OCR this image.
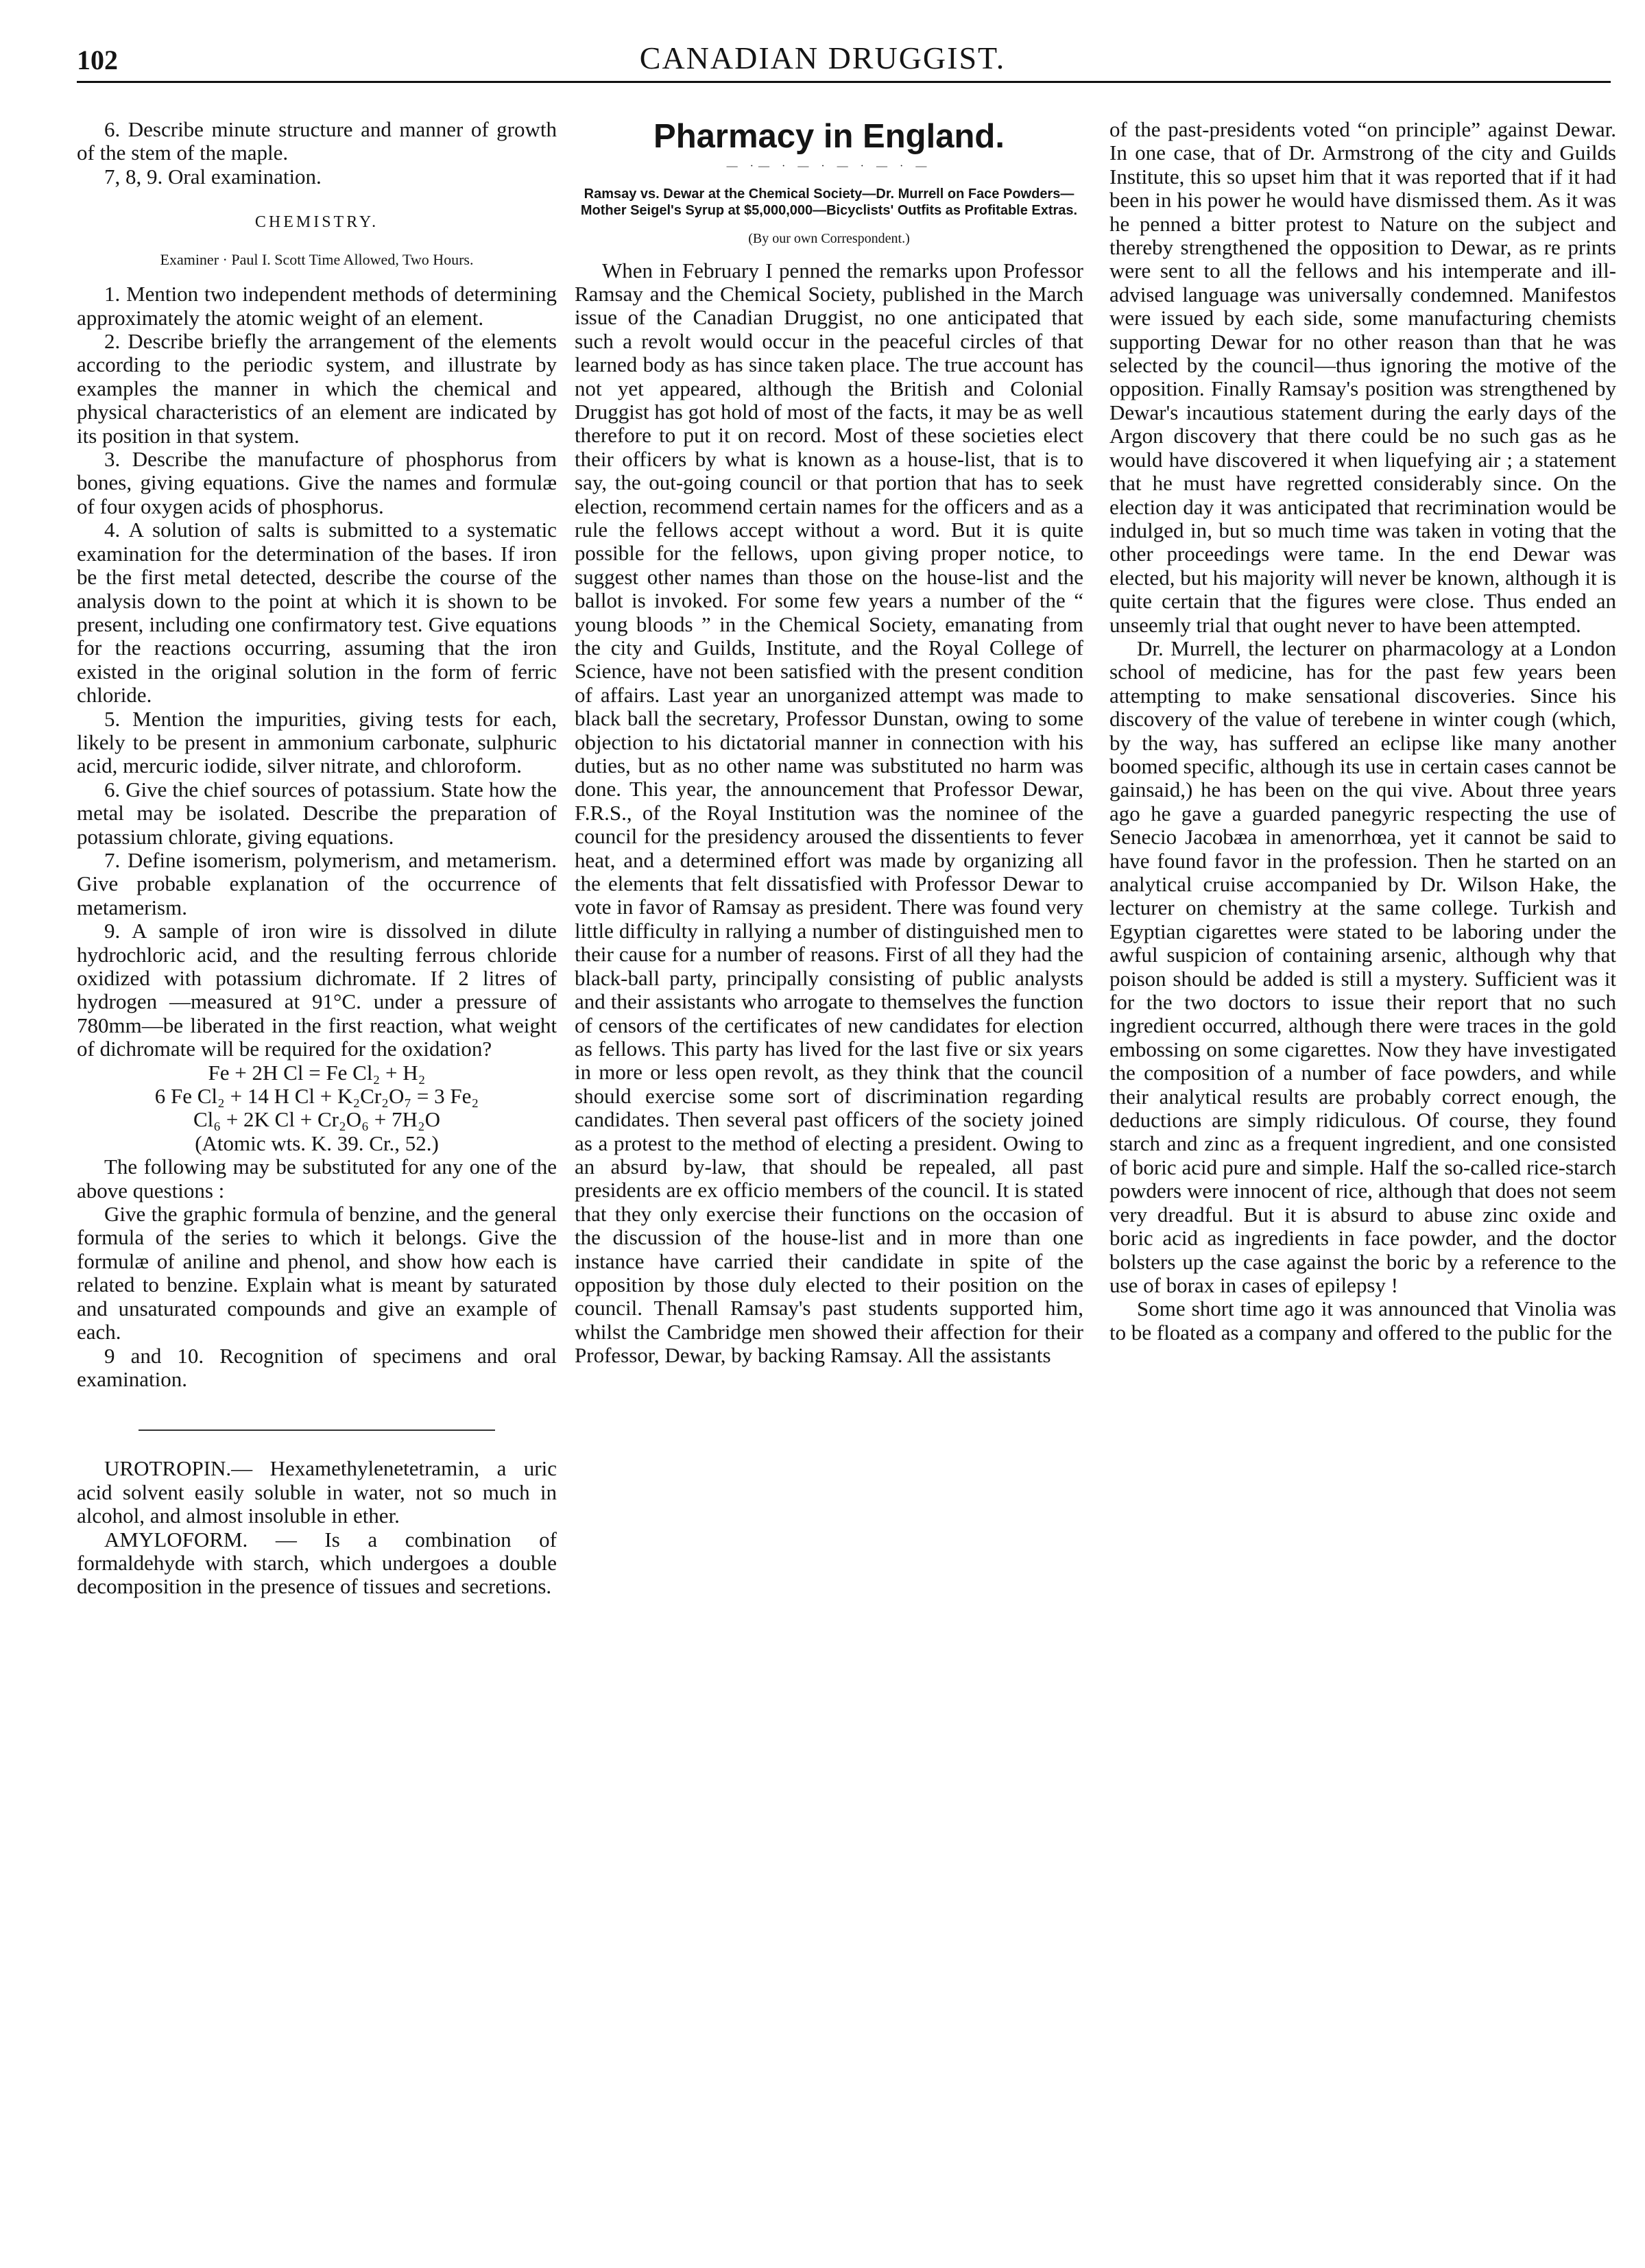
102	CANADIAN DRUGGIST.

6. Describe minute structure and manner of growth of the stem of the maple.

7, 8, 9. Oral examination.

CHEMISTRY.
Examiner · Paul I. Scott Time Allowed, Two Hours.

1. Mention two independent methods of determining approximately the atomic weight of an element.

2. Describe briefly the arrangement of the elements according to the periodic system, and illustrate by examples the manner in which the chemical and physical characteristics of an element are indicated by its position in that system.

3. Describe the manufacture of phosphorus from bones, giving equations. Give the names and formulæ of four oxygen acids of phosphorus.

4. A solution of salts is submitted to a systematic examination for the determination of the bases. If iron be the first metal detected, describe the course of the analysis down to the point at which it is shown to be present, including one confirmatory test. Give equations for the reactions occurring, assuming that the iron existed in the original solution in the form of ferric chloride.

5. Mention the impurities, giving tests for each, likely to be present in ammonium carbonate, sulphuric acid, mercuric iodide, silver nitrate, and chloroform.

6. Give the chief sources of potassium. State how the metal may be isolated. Describe the preparation of potassium chlorate, giving equations.

7. Define isomerism, polymerism, and metamerism. Give probable explanation of the occurrence of metamerism.

9. A sample of iron wire is dissolved in dilute hydrochloric acid, and the resulting ferrous chloride oxidized with potassium dichromate. If 2 litres of hydrogen —measured at 91°C. under a pressure of 780mm—be liberated in the first reaction, what weight of dichromate will be required for the oxidation?

Fe + 2H Cl = Fe Cl₂ + H₂
6 Fe Cl₂ + 14 H Cl + K₂Cr₂O₇ = 3 Fe₂
Cl₆ + 2K Cl + Cr₂O₆ + 7H₂O
(Atomic wts. K. 39. Cr., 52.)

The following may be substituted for any one of the above questions :

Give the graphic formula of benzine, and the general formula of the series to which it belongs. Give the formulæ of aniline and phenol, and show how each is related to benzine. Explain what is meant by saturated and unsaturated compounds and give an example of each.

9 and 10. Recognition of specimens and oral examination.

UROTROPIN.— Hexamethylenetetramin, a uric acid solvent easily soluble in water, not so much in alcohol, and almost insoluble in ether.

AMYLOFORM. — Is a combination of formaldehyde with starch, which undergoes a double decomposition in the presence of tissues and secretions.

Pharmacy in England.
— ·— · — · — · — · —
Ramsay vs. Dewar at the Chemical Society—Dr. Murrell on Face Powders—Mother Seigel's Syrup at $5,000,000—Bicyclists' Outfits as Profitable Extras.
(By our own Correspondent.)

When in February I penned the remarks upon Professor Ramsay and the Chemical Society, published in the March issue of the Canadian Druggist, no one anticipated that such a revolt would occur in the peaceful circles of that learned body as has since taken place. The true account has not yet appeared, although the British and Colonial Druggist has got hold of most of the facts, it may be as well therefore to put it on record. Most of these societies elect their officers by what is known as a house-list, that is to say, the out-going council or that portion that has to seek election, recommend certain names for the officers and as a rule the fellows accept without a word. But it is quite possible for the fellows, upon giving proper notice, to suggest other names than those on the house-list and the ballot is invoked. For some few years a number of the “ young bloods ” in the Chemical Society, emanating from the city and Guilds, Institute, and the Royal College of Science, have not been satisfied with the present condition of affairs. Last year an unorganized attempt was made to black ball the secretary, Professor Dunstan, owing to some objection to his dictatorial manner in connection with his duties, but as no other name was substituted no harm was done. This year, the announcement that Professor Dewar, F.R.S., of the Royal Institution was the nominee of the council for the presidency aroused the dissentients to fever heat, and a determined effort was made by organizing all the elements that felt dissatisfied with Professor Dewar to vote in favor of Ramsay as president. There was found very little difficulty in rallying a number of distinguished men to their cause for a number of reasons. First of all they had the black-ball party, principally consisting of public analysts and their assistants who arrogate to themselves the function of censors of the certificates of new candidates for election as fellows. This party has lived for the last five or six years in more or less open revolt, as they think that the council should exercise some sort of discrimination regarding candidates. Then several past officers of the society joined as a protest to the method of electing a president. Owing to an absurd by-law, that should be repealed, all past presidents are ex officio members of the council. It is stated that they only exercise their functions on the occasion of the discussion of the house-list and in more than one instance have carried their candidate in spite of the opposition by those duly elected to their position on the council. Thenall Ramsay's past students supported him, whilst the Cambridge men showed their affection for their Professor, Dewar, by backing Ramsay. All the assistants

of the past-presidents voted “on principle” against Dewar. In one case, that of Dr. Armstrong of the city and Guilds Institute, this so upset him that it was reported that if it had been in his power he would have dismissed them. As it was he penned a bitter protest to Nature on the subject and thereby strengthened the opposition to Dewar, as re prints were sent to all the fellows and his intemperate and ill-advised language was universally condemned. Manifestos were issued by each side, some manufacturing chemists supporting Dewar for no other reason than that he was selected by the council—thus ignoring the motive of the opposition. Finally Ramsay's position was strengthened by Dewar's incautious statement during the early days of the Argon discovery that there could be no such gas as he would have discovered it when liquefying air ; a statement that he must have regretted considerably since. On the election day it was anticipated that recrimination would be indulged in, but so much time was taken in voting that the other proceedings were tame. In the end Dewar was elected, but his majority will never be known, although it is quite certain that the figures were close. Thus ended an unseemly trial that ought never to have been attempted.

Dr. Murrell, the lecturer on pharmacology at a London school of medicine, has for the past few years been attempting to make sensational discoveries. Since his discovery of the value of terebene in winter cough (which, by the way, has suffered an eclipse like many another boomed specific, although its use in certain cases cannot be gainsaid,) he has been on the qui vive. About three years ago he gave a guarded panegyric respecting the use of Senecio Jacobæa in amenorrhœa, yet it cannot be said to have found favor in the profession. Then he started on an analytical cruise accompanied by Dr. Wilson Hake, the lecturer on chemistry at the same college. Turkish and Egyptian cigarettes were stated to be laboring under the awful suspicion of containing arsenic, although why that poison should be added is still a mystery. Sufficient was it for the two doctors to issue their report that no such ingredient occurred, although there were traces in the gold embossing on some cigarettes. Now they have investigated the composition of a number of face powders, and while their analytical results are probably correct enough, the deductions are simply ridiculous. Of course, they found starch and zinc as a frequent ingredient, and one consisted of boric acid pure and simple. Half the so-called rice-starch powders were innocent of rice, although that does not seem very dreadful. But it is absurd to abuse zinc oxide and boric acid as ingredients in face powder, and the doctor bolsters up the case against the boric by a reference to the use of borax in cases of epilepsy !

Some short time ago it was announced that Vinolia was to be floated as a company and offered to the public for the
